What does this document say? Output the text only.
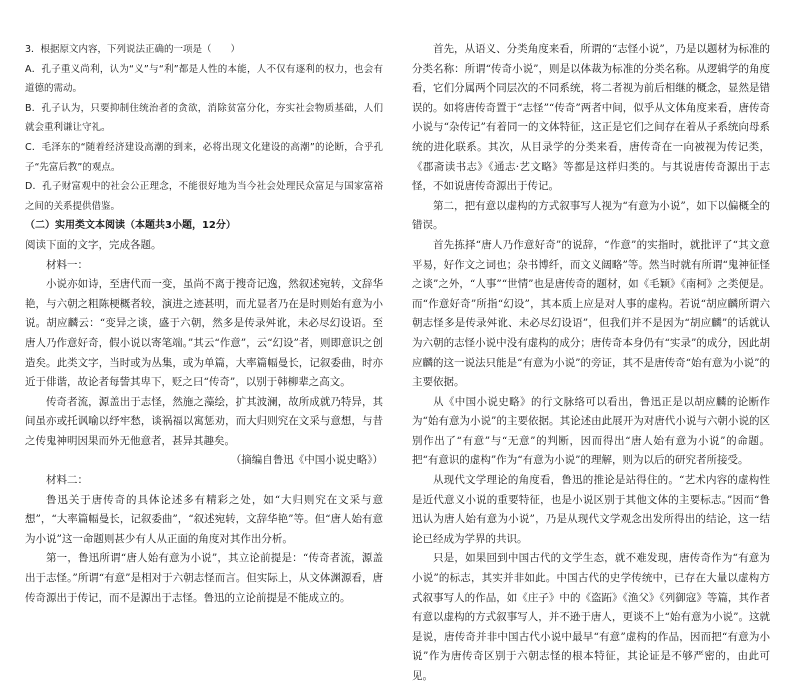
3．根据原文内容，下列说法正确的一项是（　　）

A．孔子重义尚利，认为“义”与“利”都是人性的本能，人不仅有逐利的权力，也会有道德的需动。

B．孔子认为，只要抑制住统治者的贪欲，消除贫富分化，夯实社会物质基础，人们就会重利谦让守礼。

C．毛泽东的“随着经济建设高潮的到来，必将出现文化建设的高潮”的论断，合乎孔子“先富后教”的观点。

D．孔子财富观中的社会公正理念，不能很好地为当今社会处理民众富足与国家富裕之间的关系提供借鉴。

（二）实用类文本阅读（本题共3小题，12分）

阅读下面的文字，完成各题。

材料一：

小说亦如诗，至唐代而一变，虽尚不离于搜奇记逸，然叙述宛转，文辞华艳，与六朝之粗陈梗概者较，演进之迹甚明，而尤显者乃在是时则始有意为小说。胡应麟云：“变异之谈，盛于六朝，然多是传录舛讹，未必尽幻设语。至唐人乃作意好奇，假小说以寄笔端。”其云“作意”，云“幻设”者，则即意识之创造矣。此类文字，当时或为丛集，或为单篇，大率篇幅曼长，记叙委曲，时亦近于俳谐，故论者每訾其卑下，贬之曰“传奇”，以别于韩柳辈之高文。

传奇者流，源盖出于志怪，然施之藻绘，扩其波澜，故所成就乃特异，其间虽亦或托讽喻以纾牢愁，谈祸福以寓惩劝，而大归则究在文采与意想，与昔之传鬼神明因果而外无他意者，甚异其趣矣。

（摘编自鲁迅《中国小说史略》）

材料二：

鲁迅关于唐传奇的具体论述多有精彩之处，如“大归则究在文采与意想”，“大率篇幅曼长，记叙委曲”，“叙述宛转，文辞华艳”等。但“唐人始有意为小说”这一命题则甚少有人从正面的角度对其作出分析。

第一，鲁迅所谓“唐人始有意为小说”，其立论前提是：“传奇者流，源盖出于志怪。”所谓“有意”是相对于六朝志怪而言。但实际上，从文体渊源看，唐传奇源出于传记，而不是源出于志怪。鲁迅的立论前提是不能成立的。

首先，从语义、分类角度来看，所谓的“志怪小说”，乃是以题材为标准的分类名称：所谓“传奇小说”，则是以体裁为标准的分类名称。从逻辑学的角度看，它们分属两个同层次的不同系统，将二者视为前后相继的概念，显然是错误的。如将唐传奇置于“志怪”“传奇”两者中间，似乎从文体角度来看，唐传奇小说与“杂传记”有着同一的文体特征，这正是它们之间存在着从子系统向母系统的进化联系。其次，从目录学的分类来看，唐传奇在一向被视为传记类，《郡斋读书志》《通志·艺文略》等都是这样归类的。与其说唐传奇源出于志怪，不如说唐传奇源出于传记。

第二，把有意以虚构的方式叙事写人视为“有意为小说”，如下以偏概全的错误。

首先拣择“唐人乃作意好奇”的说辞，“作意”的实指时，就批评了“其文意平易，好作文之词也；杂书博纤，而文义阔略”等。然当时就有所谓“鬼神征怪之谈”之外，“人事”“世情”也是唐传奇的题材，如《毛颖》《南柯》之类便是。而“作意好奇”所指“幻设”，其本质上应是对人事的虚构。若说“胡应麟所谓六朝志怪多是传录舛讹、未必尽幻设语”，但我们并不是因为“胡应麟”的话就认为六朝的志怪小说中没有虚构的成分；唐传奇本身仍有“实录”的成分，因此胡应麟的这一说法只能是“有意为小说”的旁证，其不是唐传奇“始有意为小说”的主要依据。

从《中国小说史略》的行文脉络可以看出，鲁迅正是以胡应麟的论断作为“始有意为小说”的主要依据。其论述由此展开为对唐代小说与六朝小说的区别作出了“有意”与“无意”的判断，因而得出“唐人始有意为小说”的命题。把“有意识的虚构”作为“有意为小说”的理解，则为以后的研究者所接受。

从现代文学理论的角度看，鲁迅的推论是站得住的。“艺术内容的虚构性是近代意义小说的重要特征，也是小说区别于其他文体的主要标志。”因而“鲁迅认为唐人始有意为小说”，乃是从现代文学观念出发所得出的结论，这一结论已经成为学界的共识。

只是，如果回到中国古代的文学生态，就不难发现，唐传奇作为“有意为小说”的标志，其实并非如此。中国古代的史学传统中，已存在大量以虚构方式叙事写人的作品，如《庄子》中的《盗跖》《渔父》《列御寇》等篇，其作者有意以虚构的方式叙事写人，并不逊于唐人，更谈不上“始有意为小说”。这就是说，唐传奇并非中国古代小说中最早“有意”虚构的作品，因而把“有意为小说”作为唐传奇区别于六朝志怪的根本特征，其论证是不够严密的，由此可见。
